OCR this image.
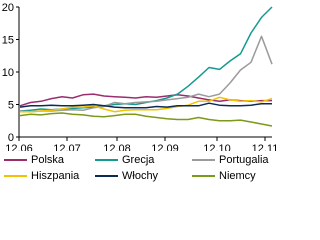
0
5
10
15
20
12.06 12.07 12.08 12.09 12.10 12.11
Polska	Grecja	Portugalia
Hiszpania	Włochy	Niemcy
